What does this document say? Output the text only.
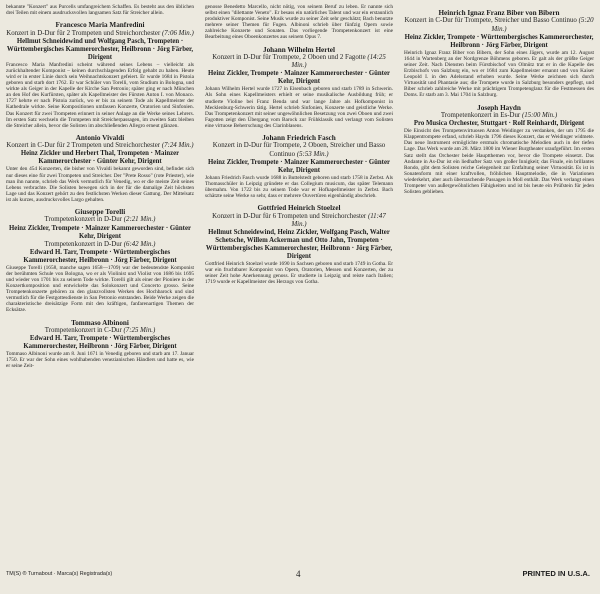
bekannte "Konzert" aus Purcells umfangreichem Schaffen. Es besteht aus den üblichen drei Teilen mit einem ausdrucksvollen langsamen Satz für Streicher allein.

Francesco Maria Manfredini
Konzert in D-Dur für 2 Trompeten und Streichorchester (7:06 Min.)
Hellmut Schneidewind und Wolfgang Pasch, Trompeten · Württembergisches Kammerorchester, Heilbronn · Jörg Färber, Dirigent

Francesco Maria Manfredini scheint während seines Lebens – vielleicht als zurückhaltender Komponist – keinen durchschlagenden Erfolg gehabt zu haben. Heute wird er in erster Linie durch sein Weihnachtskonzert gefeiert. Er wurde 1684 in Pistoia geboren und starb dort 1762. Er war Schüler von Torelli, vom Studium in Bologna, und wirkte als Geiger in der Kapelle der Kirche San Petronio; später ging er nach München an den Hof des Kurfürsten, später als Kapellmeister des Fürsten Anton I. von Monaco. 1727 kehrte er nach Pistoia zurück, wo er bis zu seinem Tode als Kapellmeister der Kathedrale wirkte. Seine Kompositionen umfassen Konzerte, Oratorien und Sinfonien. Das Konzert für zwei Trompeten erinnert in seiner Anlage an die Werke seines Lehrers. Im ersten Satz wechseln die Trompeten mit Streicherpassagen, im zweiten Satz bleiben die Streicher allein, bevor die Solisten im abschließenden Allegro erneut glänzen.

Antonio Vivaldi
Konzert in C-Dur für 2 Trompeten und Streichorchester (7:24 Min.)
Heinz Zickler und Herbert Thal, Trompeten · Mainzer Kammerorchester · Günter Kehr, Dirigent

Unter den 454 Konzerten, die bisher von Vivaldi bekannt geworden sind, befindet sich nur dieses eine für zwei Trompeten und Streicher. Der "Prete Rosso" (rote Priester), wie man ihn nannte, schrieb das Werk vermutlich für Venedig, wo er die meiste Zeit seines Lebens verbrachte. Die Solisten bewegen sich in der für die damalige Zeit höchsten Lage und das Konzert gehört zu den festlichsten Werken dieser Gattung. Der Mittelsatz ist als kurzes, ausdrucksvolles Largo gehalten.

Giuseppe Torelli
Trompetenkonzert in D-Dur (2:21 Min.)
Heinz Zickler, Trompete · Mainzer Kammerorchester · Günter Kehr, Dirigent
Trompetenkonzert in D-Dur (6:42 Min.)
Edward H. Tarr, Trompete · Württembergisches Kammerorchester, Heilbronn · Jörg Färber, Dirigent

Giuseppe Torelli (1658, manche sagen 1658—1709) war der bedeutendste Komponist der berühmten Schule von Bologna, wo er als Violinist und Violist von 1686 bis 1695 und wieder von 1701 bis zu seinem Tode wirkte. Torelli gilt als einer der Pioniere in der Konzertkomposition und entwickelte das Solokonzert und Concerto grosso. Seine Trompetenkonzerte gehören zu den glanzvollsten Werken des Hochbarock und sind vermutlich für die Festgottesdienste in San Petronio entstanden. Beide Werke zeigen die charakteristische dreisätzige Form mit den kräftigen, fanfarenartigen Themen der Ecksätze.

Tommaso Albinoni
Trompetenkonzert in C-Dur (7:25 Min.)
Edward H. Tarr, Trompete · Württembergisches Kammerorchester, Heilbronn · Jörg Färber, Dirigent

Tommaso Albinoni wurde am 8. Juni 1671 in Venedig geboren und starb am 17. Januar 1750. Er war der Sohn eines wohlhabenden venezianischen Händlers und hatte es, wie er seine Zeit-

genosse Benedetto Marcello, nicht nötig, von seinem Beruf zu leben. Er nannte sich selbst einen "dilettante Veneto". Er besass ein natürliches Talent und war ein erstaunlich produktiver Komponist. Seine Musik wurde zu seiner Zeit sehr geschätzt; Bach benutzte mehrere seiner Themen für Fugen. Albinoni schrieb über fünfzig Opern sowie zahlreiche Konzerte und Sonaten. Das vorliegende Trompetenkonzert ist eine Bearbeitung eines Oboenkonzertes aus seinem Opus 7.

Johann Wilhelm Hertel
Konzert in D-Dur für Trompete, 2 Oboen und 2 Fagotte (14:25 Min.)
Heinz Zickler, Trompete · Mainzer Kammerorchester · Günter Kehr, Dirigent

Johann Wilhelm Hertel wurde 1727 in Eisenbach geboren und starb 1789 in Schwerin. Als Sohn eines Kapellmeisters erhielt er seine musikalische Ausbildung früh; er studierte Violine bei Franz Benda und war lange Jahre als Hofkomponist in Mecklenburg-Schwerin tätig. Hertel schrieb Sinfonien, Konzerte und geistliche Werke. Das Trompetenkonzert mit seiner ungewöhnlichen Besetzung von zwei Oboen und zwei Fagotten zeigt den Übergang vom Barock zur Frühklassik und verlangt vom Solisten eine virtuose Beherrschung des Clarinblasens.

Johann Friedrich Fasch
Konzert in D-Dur für Trompete, 2 Oboen, Streicher und Basso Continuo (5:53 Min.)
Heinz Zickler, Trompete · Mainzer Kammerorchester · Günter Kehr, Dirigent

Johann Friedrich Fasch wurde 1688 in Buttelstedt geboren und starb 1758 in Zerbst. Als Thomasschüler in Leipzig gründete er das Collegium musicum, das später Telemann übernahm. Von 1722 bis zu seinem Tode war er Hofkapellmeister in Zerbst. Bach schätzte seine Werke so sehr, dass er mehrere Ouvertüren eigenhändig abschrieb.

Gottfried Heinrich Stoelzel
Konzert in D-Dur für 6 Trompeten und Streichorchester (11:47 Min.)
Hellmut Schneidewind, Heinz Zickler, Wolfgang Pasch, Walter Schetsche, Willem Ackerman und Otto Jahn, Trompeten · Württembergisches Kammerorchester, Heilbronn · Jörg Färber, Dirigent

Gottfried Heinrich Stoelzel wurde 1690 in Sachsen geboren und starb 1749 in Gotha. Er war ein fruchtbarer Komponist von Opern, Oratorien, Messen und Konzerten, der zu seiner Zeit hohe Anerkennung genoss. Er studierte in Leipzig und reiste nach Italien; 1719 wurde er Kapellmeister des Herzogs von Gotha.

Heinrich Ignaz Franz Biber von Bibern
Konzert in C-Dur für Trompete, Streicher und Basso Continuo (5:20 Min.)
Heinz Zickler, Trompete · Württembergisches Kammerorchester, Heilbronn · Jörg Färber, Dirigent

Heinrich Ignaz Franz Biber von Bibern, der Sohn eines Jägers, wurde am 12. August 1644 in Wartenberg an der Nordgrenze Böhmens geboren. Er galt als der größte Geiger seiner Zeit. Nach Diensten beim Fürstbischof von Olmütz trat er in die Kapelle des Erzbischofs von Salzburg ein, wo er 1684 zum Kapellmeister ernannt und von Kaiser Leopold I. in den Adelsstand erhoben wurde. Seine Werke zeichnen sich durch Virtuosität und Phantasie aus; die Trompete wurde in Salzburg besonders gepflegt, und Biber schrieb zahlreiche Werke mit prächtigem Trompetenglanz für die Festmessen des Doms. Er starb am 3. Mai 1704 in Salzburg.

Joseph Haydn
Trompetenkonzert in Es-Dur (15:00 Min.)
Pro Musica Orchester, Stuttgart · Rolf Reinhardt, Dirigent

Die Einsicht des Trompetenvirtuosen Anton Weidinger zu verdanken, der um 1795 die Klappentrompete erfand, schrieb Haydn 1796 dieses Konzert, das er Weidinger widmete. Das neue Instrument ermöglichte erstmals chromatische Melodien auch in der tiefen Lage. Das Werk wurde am 28. März 1800 im Wiener Burgtheater uraufgeführt. Im ersten Satz stellt das Orchester beide Hauptthemen vor, bevor die Trompete einsetzt. Das Andante in As-Dur ist ein liedhafter Satz von großer Innigkeit; das Finale, ein brillantes Rondo, gibt dem Solisten reiche Gelegenheit zur Entfaltung seiner Virtuosität. Es ist in Sonatenform mit einer kraftvollen, fröhlichen Hauptmelodie, die in Variationen wiederkehrt, aber auch überraschende Passagen in Moll enthält. Das Werk verlangt einen Trompeter von außergewöhnlichen Fähigkeiten und ist bis heute ein Prüfstein für jeden Solisten geblieben.

TM(S) ® Turnabout · Marca(s) Registrada(s)	4	PRINTED IN U.S.A.
